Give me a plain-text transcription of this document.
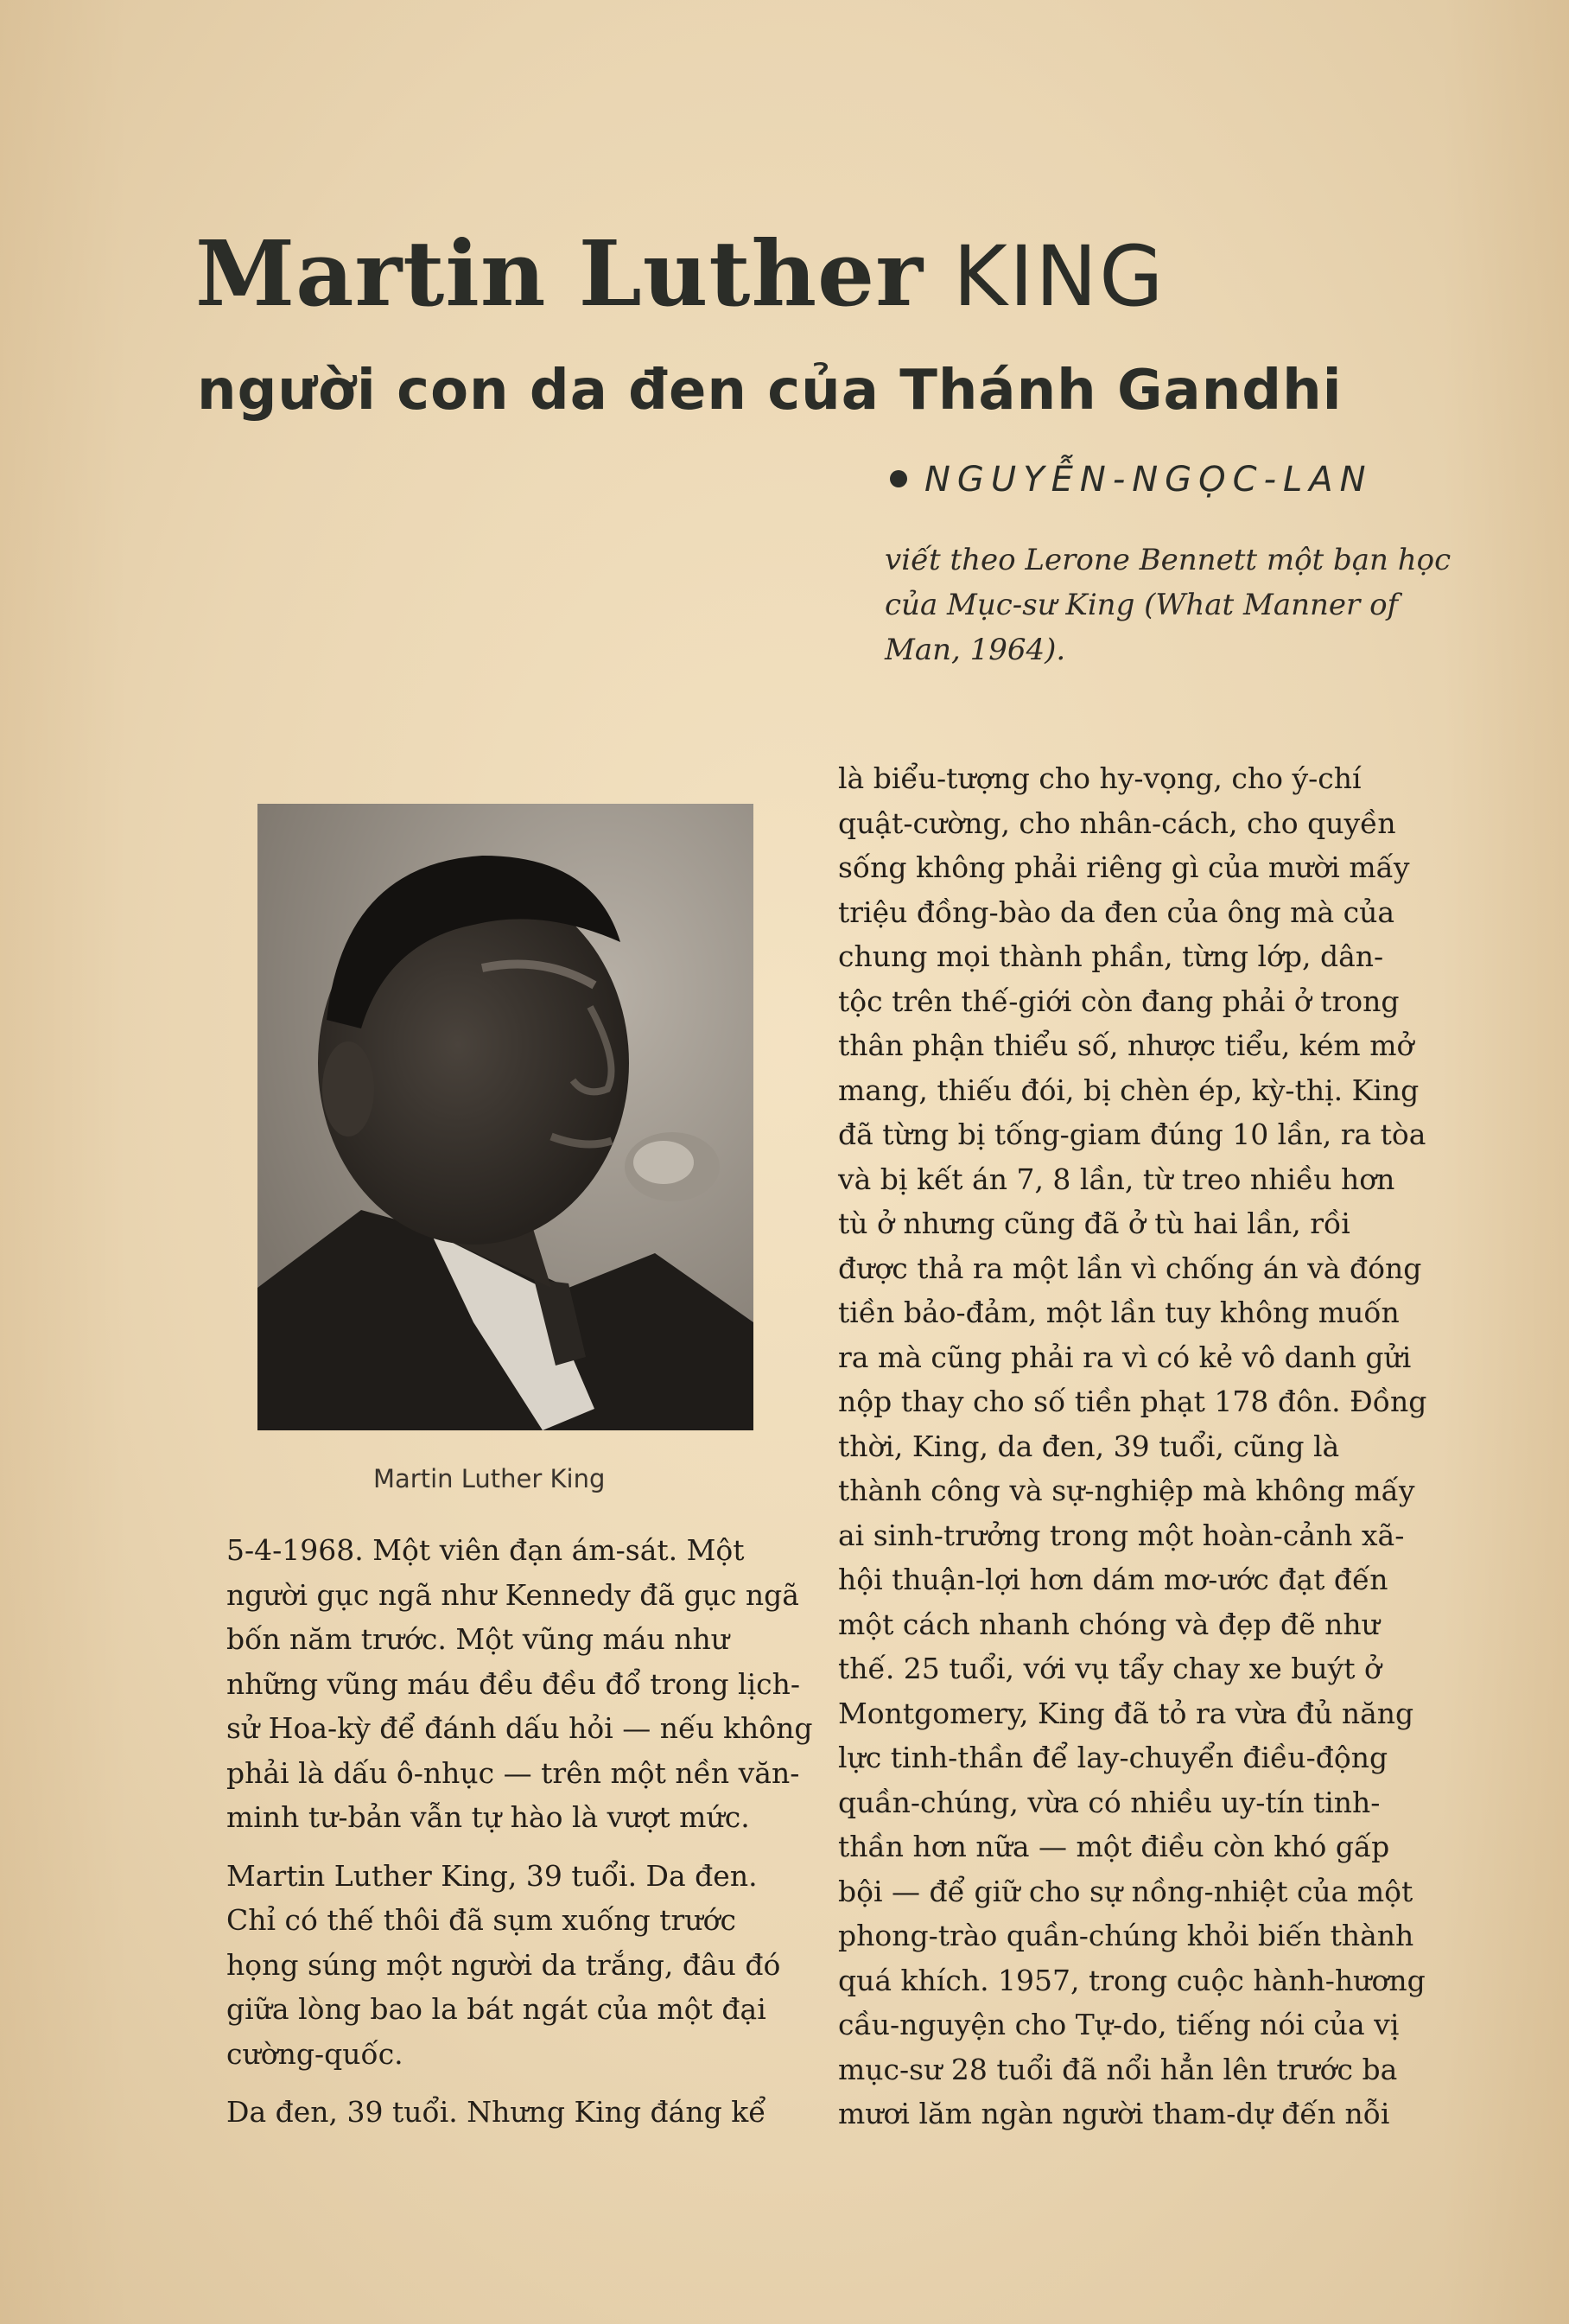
Martin Luther KING
người con da đen của Thánh Gandhi
NGUYỄN-NGỌC-LAN
viết theo Lerone Bennett một bạn học
của Mục-sư King (What Manner of
Man, 1964).
Martin Luther King
5-4-1968. Một viên đạn ám-sát. Một
người gục ngã như Kennedy đã gục ngã
bốn năm trước. Một vũng máu như
những vũng máu đều đều đổ trong lịch-
sử Hoa-kỳ để đánh dấu hỏi — nếu không
phải là dấu ô-nhục — trên một nền văn-
minh tư-bản vẫn tự hào là vượt mức.
Martin Luther King, 39 tuổi. Da đen.
Chỉ có thế thôi đã sụm xuống trước
họng súng một người da trắng, đâu đó
giữa lòng bao la bát ngát của một đại
cường-quốc.
Da đen, 39 tuổi. Nhưng King đáng kể
là biểu-tượng cho hy-vọng, cho ý-chí
quật-cường, cho nhân-cách, cho quyền
sống không phải riêng gì của mười mấy
triệu đồng-bào da đen của ông mà của
chung mọi thành phần, từng lớp, dân-
tộc trên thế-giới còn đang phải ở trong
thân phận thiểu số, nhược tiểu, kém mở
mang, thiếu đói, bị chèn ép, kỳ-thị. King
đã từng bị tống-giam đúng 10 lần, ra tòa
và bị kết án 7, 8 lần, từ treo nhiều hơn
tù ở nhưng cũng đã ở tù hai lần, rồi
được thả ra một lần vì chống án và đóng
tiền bảo-đảm, một lần tuy không muốn
ra mà cũng phải ra vì có kẻ vô danh gửi
nộp thay cho số tiền phạt 178 đôn. Đồng
thời, King, da đen, 39 tuổi, cũng là
thành công và sự-nghiệp mà không mấy
ai sinh-trưởng trong một hoàn-cảnh xã-
hội thuận-lợi hơn dám mơ-ước đạt đến
một cách nhanh chóng và đẹp đẽ như
thế. 25 tuổi, với vụ tẩy chay xe buýt ở
Montgomery, King đã tỏ ra vừa đủ năng
lực tinh-thần để lay-chuyển điều-động
quần-chúng, vừa có nhiều uy-tín tinh-
thần hơn nữa — một điều còn khó gấp
bội — để giữ cho sự nồng-nhiệt của một
phong-trào quần-chúng khỏi biến thành
quá khích. 1957, trong cuộc hành-hương
cầu-nguyện cho Tự-do, tiếng nói của vị
mục-sư 28 tuổi đã nổi hẳn lên trước ba
mươi lăm ngàn người tham-dự đến nỗi
